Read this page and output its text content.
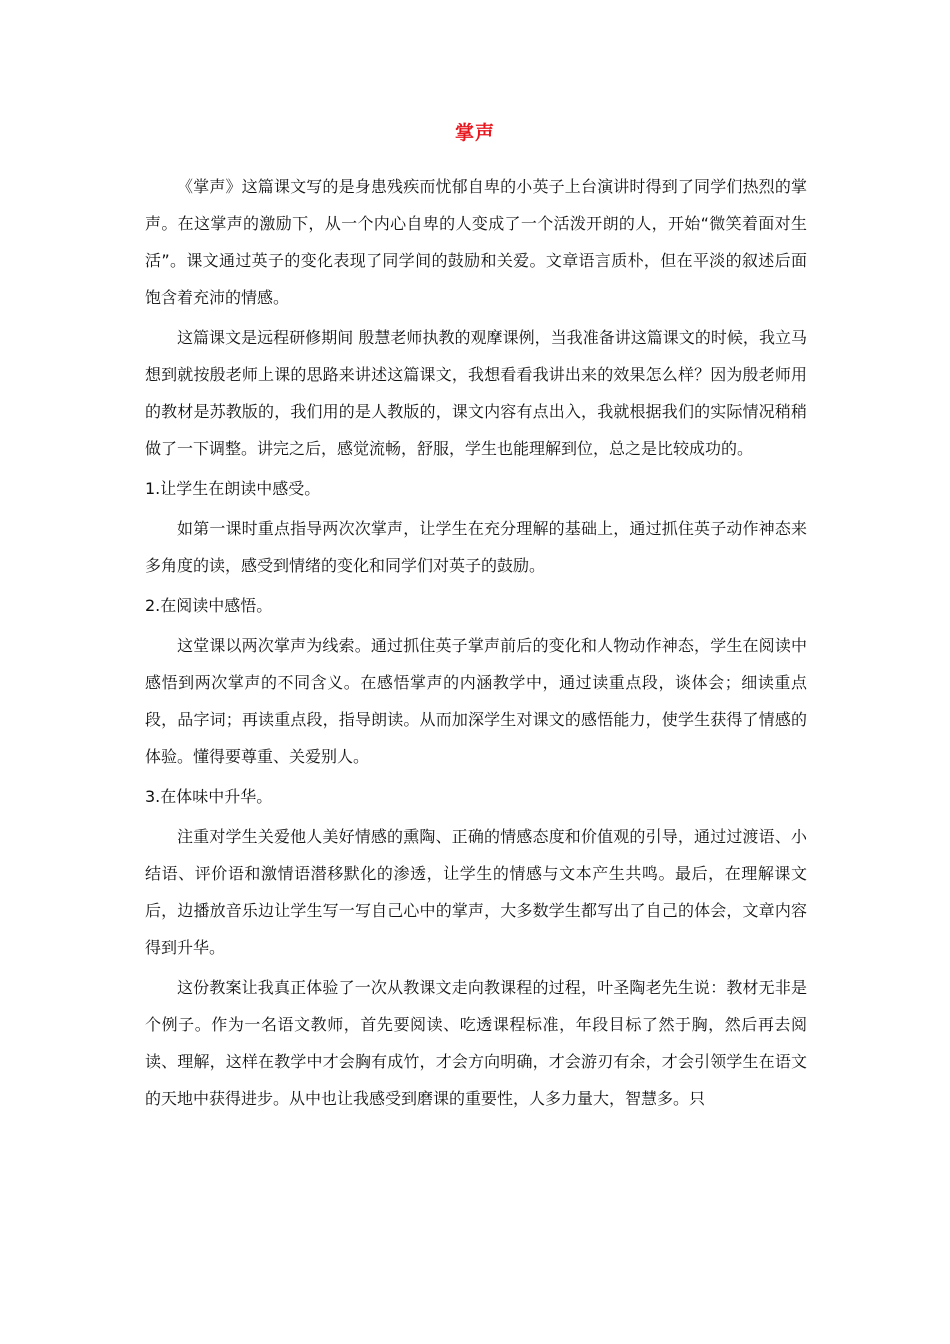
掌声

《掌声》这篇课文写的是身患残疾而忧郁自卑的小英子上台演讲时得到了同学们热烈的掌声。在这掌声的激励下，从一个内心自卑的人变成了一个活泼开朗的人，开始“微笑着面对生活”。课文通过英子的变化表现了同学间的鼓励和关爱。文章语言质朴，但在平淡的叙述后面饱含着充沛的情感。

这篇课文是远程研修期间 殷慧老师执教的观摩课例，当我准备讲这篇课文的时候，我立马想到就按殷老师上课的思路来讲述这篇课文，我想看看我讲出来的效果怎么样？因为殷老师用的教材是苏教版的，我们用的是人教版的，课文内容有点出入，我就根据我们的实际情况稍稍做了一下调整。讲完之后，感觉流畅，舒服，学生也能理解到位，总之是比较成功的。

1.让学生在朗读中感受。

如第一课时重点指导两次次掌声，让学生在充分理解的基础上，通过抓住英子动作神态来多角度的读，感受到情绪的变化和同学们对英子的鼓励。

2.在阅读中感悟。

这堂课以两次掌声为线索。通过抓住英子掌声前后的变化和人物动作神态，学生在阅读中感悟到两次掌声的不同含义。在感悟掌声的内涵教学中，通过读重点段，谈体会；细读重点段，品字词；再读重点段，指导朗读。从而加深学生对课文的感悟能力，使学生获得了情感的体验。懂得要尊重、关爱别人。

3.在体味中升华。

注重对学生关爱他人美好情感的熏陶、正确的情感态度和价值观的引导，通过过渡语、小结语、评价语和激情语潜移默化的渗透，让学生的情感与文本产生共鸣。最后，在理解课文后，边播放音乐边让学生写一写自己心中的掌声，大多数学生都写出了自己的体会，文章内容得到升华。

这份教案让我真正体验了一次从教课文走向教课程的过程，叶圣陶老先生说：教材无非是个例子。作为一名语文教师，首先要阅读、吃透课程标准，年段目标了然于胸，然后再去阅读、理解，这样在教学中才会胸有成竹，才会方向明确，才会游刃有余，才会引领学生在语文的天地中获得进步。从中也让我感受到磨课的重要性，人多力量大，智慧多。只
